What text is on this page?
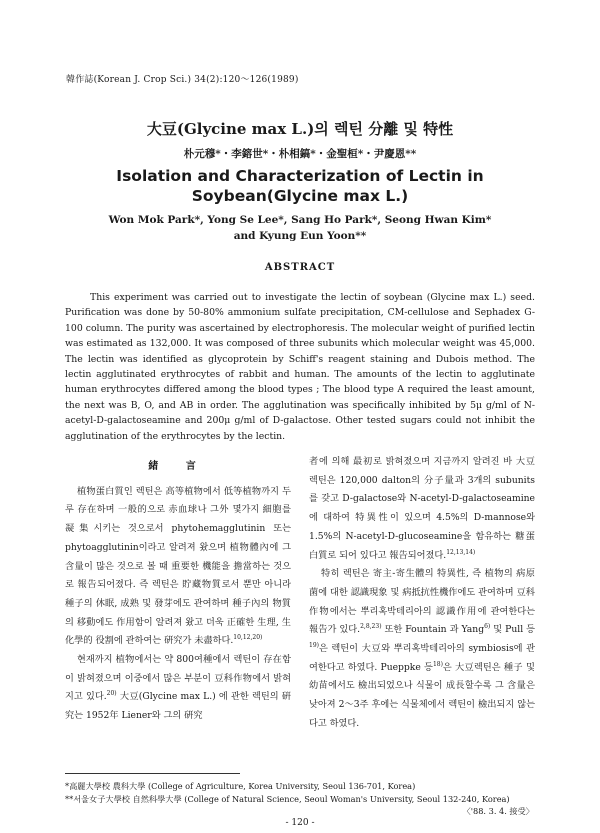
韓作誌(Korean J. Crop Sci.) 34(2):120～126(1989)
大豆(Glycine max L.)의 렉틴 分離 및 特性
朴元穆*・李鎔世*・朴相鎬*・金聖桓*・尹慶恩**
Isolation and Characterization of Lectin in
Soybean(Glycine max L.)
Won Mok Park*, Yong Se Lee*, Sang Ho Park*, Seong Hwan Kim*
and Kyung Eun Yoon**
ABSTRACT

This experiment was carried out to investigate the lectin of soybean (Glycine max L.) seed. Purification was done by 50-80% ammonium sulfate precipitation, CM-cellulose and Sephadex G-100 column. The purity was ascertained by electrophoresis. The molecular weight of purified lectin was estimated as 132,000. It was composed of three subunits which molecular weight was 45,000. The lectin was identified as glycoprotein by Schiff's reagent staining and Dubois method. The lectin agglutinated erythrocytes of rabbit and human. The amounts of the lectin to agglutinate human erythrocytes differed among the blood types ; The blood type A required the least amount, the next was B, O, and AB in order. The agglutination was specifically inhibited by 5μ g/ml of N-acetyl-D-galactoseamine and 200μ g/ml of D-galactose. Other tested sugars could not inhibit the agglutination of the erythrocytes by the lectin.

緒 言

植物蛋白質인 렉틴은 高等植物에서 低等植物까지 두루 存在하며 一般的으로 赤血球나 그外 몇가지 細胞를 凝集시키는 것으로서 phytohemagglutinin 또는 phytoagglutinin이라고 알려져 왔으며 植物體內에 그 含量이 많은 것으로 볼 때 重要한 機能을 擔當하는 것으로 報告되어졌다. 즉 렉틴은 貯藏物質로서 뿐만 아니라 種子의 休眠, 成熟 및 發芽에도 관여하며 種子內의 物質의 移動에도 作用함이 알려져 왔고 더욱 正確한 生理, 生化學的 役割에 관하여는 硏究가 未盡하다.$^{10,12,20)}$

현재까지 植物에서는 약 800여種에서 렉틴이 存在함이 밝혀졌으며 이중에서 많은 부분이 豆科作物에서 밝혀지고 있다.$^{20)}$ 大豆(Glycine max L.) 에 관한 렉틴의 硏究는 1952年 Liener와 그의 硏究

者에 의해 最初로 밝혀졌으며 지금까지 알려진 바 大豆렉틴은 120,000 dalton의 分子量과 3개의 subunits를 갖고 D-galactose와 N-acetyl-D-galactoseamine에 대하여 特異性이 있으며 4.5%의 D-mannose와 1.5%의 N-acetyl-D-glucoseamine을 함유하는 糖蛋白質로 되어 있다고 報告되어졌다.$^{12,13,14)}$

特히 렉틴은 寄主-寄生體의 特異性, 즉 植物의 病原菌에 대한 認識現象 및 病抵抗性機作에도 관여하며 豆科作物에서는 뿌리혹박테리아의 認識作用에 관여한다는 報告가 있다.$^{2,8,23)}$ 또한 Fountain 과 Yang$^{6)}$ 및 Pull 등$^{19)}$은 렉틴이 大豆와 뿌리혹박테리아의 symbiosis에 관여한다고 하였다. Pueppke 등$^{18)}$은 大豆렉틴은 種子 및 幼苗에서도 檢出되었으나 식물이 成長할수록 그 含量은 낮아져 2～3주 후에는 식물체에서 렉틴이 檢出되지 않는다고 하였다.

*高麗大學校 農科大學 (College of Agriculture, Korea University, Seoul 136-701, Korea)
**서울女子大學校 自然科學大學 (College of Natural Science, Seoul Woman's University, Seoul 132-240, Korea)
〈'88. 3. 4. 接受〉
- 120 -
